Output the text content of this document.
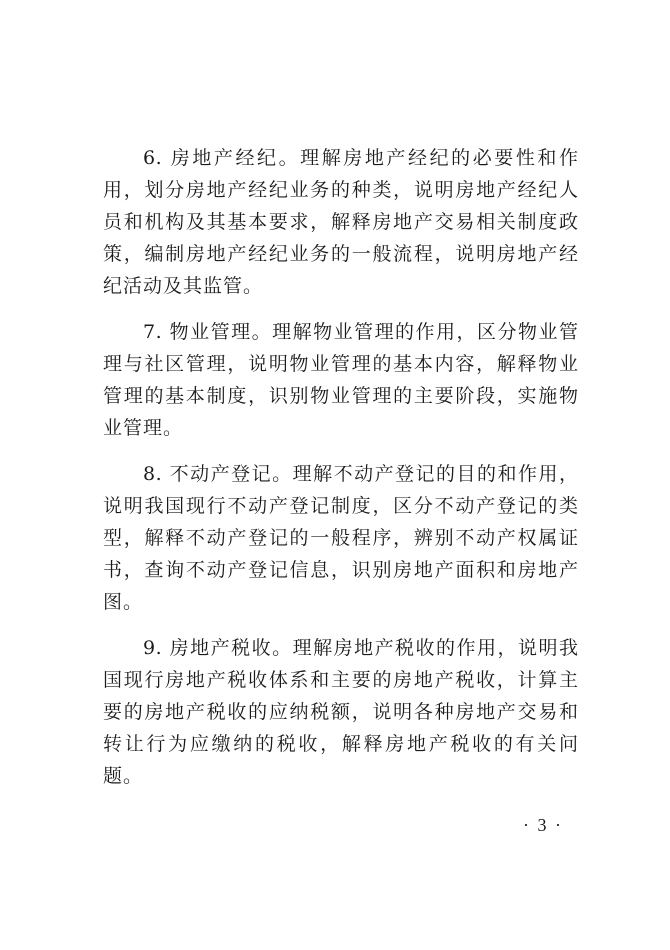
6. 房地产经纪。理解房地产经纪的必要性和作用，划分房地产经纪业务的种类，说明房地产经纪人员和机构及其基本要求，解释房地产交易相关制度政策，编制房地产经纪业务的一般流程，说明房地产经纪活动及其监管。

7. 物业管理。理解物业管理的作用，区分物业管理与社区管理，说明物业管理的基本内容，解释物业管理的基本制度，识别物业管理的主要阶段，实施物业管理。

8. 不动产登记。理解不动产登记的目的和作用，说明我国现行不动产登记制度，区分不动产登记的类型，解释不动产登记的一般程序，辨别不动产权属证书，查询不动产登记信息，识别房地产面积和房地产图。

9. 房地产税收。理解房地产税收的作用，说明我国现行房地产税收体系和主要的房地产税收，计算主要的房地产税收的应纳税额，说明各种房地产交易和转让行为应缴纳的税收，解释房地产税收的有关问题。

· 3 ·
